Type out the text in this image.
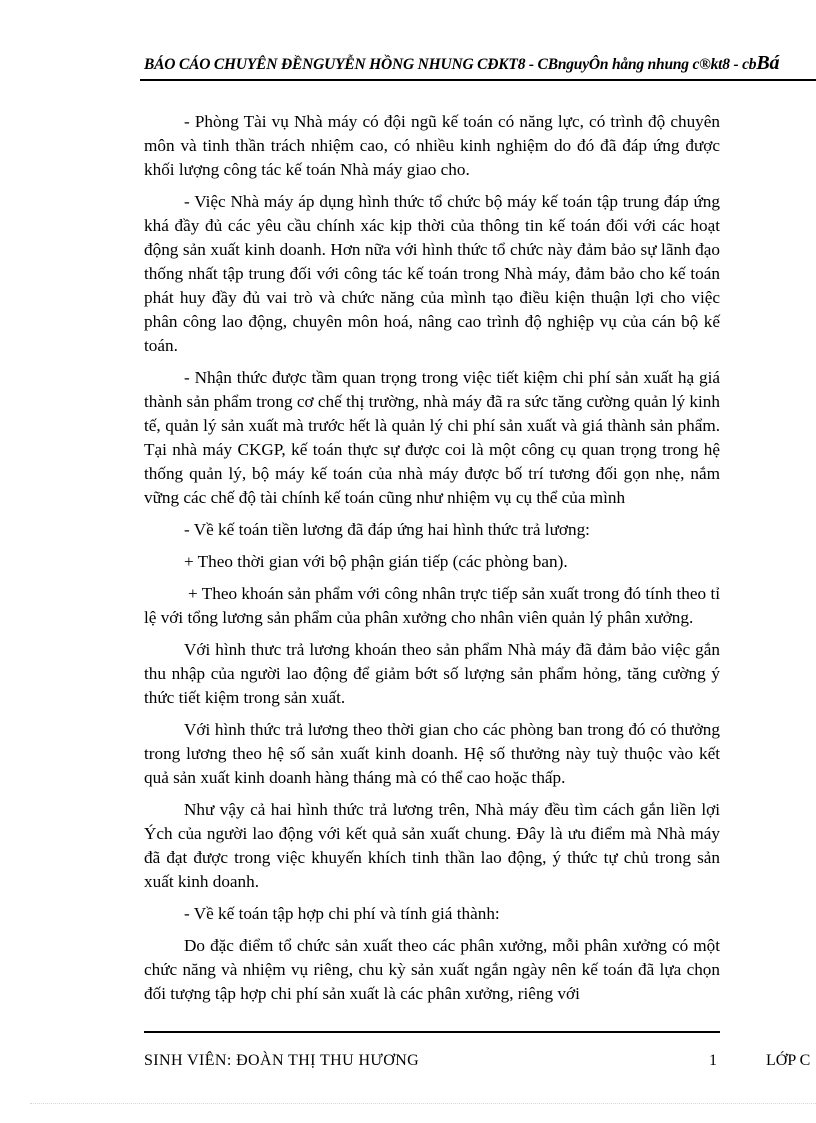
BÁO CÁO CHUYÊN ĐỀNGUYỄN HỒNG NHUNG CĐKT8 - CBnguyÔn hång nhung c®kt8 - cbBá

- Phòng Tài vụ Nhà máy có đội ngũ kế toán có năng lực, có trình độ chuyên môn và tinh thần trách nhiệm cao, có nhiều kinh nghiệm do đó đã đáp ứng được khối lượng công tác kế toán Nhà máy giao cho.

- Việc Nhà máy áp dụng hình thức tổ chức bộ máy kế toán tập trung đáp ứng khá đầy đủ các yêu cầu chính xác kịp thời của thông tin kế toán đối với các hoạt động sản xuất kinh doanh. Hơn nữa với hình thức tổ chức này đảm bảo sự lãnh đạo thống nhất tập trung đối với công tác kế toán trong Nhà máy, đảm bảo cho kế toán phát huy đầy đủ vai trò và chức năng của mình tạo điều kiện thuận lợi cho việc phân công lao động, chuyên môn hoá, nâng cao trình độ nghiệp vụ của cán bộ kế toán.

- Nhận thức được tầm quan trọng trong việc tiết kiệm chi phí sản xuất hạ giá thành sản phẩm trong cơ chế thị trường, nhà máy đã ra sức tăng cường quản lý kinh tế, quản lý sản xuất mà trước hết là quản lý chi phí sản xuất và giá thành sản phẩm. Tại nhà máy CKGP, kế toán thực sự được coi là một công cụ quan trọng trong hệ thống quản lý, bộ máy kế toán của nhà máy được bố trí tương đối gọn nhẹ, nắm vững các chế độ tài chính kế toán cũng như nhiệm vụ cụ thể của mình

- Về kế toán tiền lương đã đáp ứng hai hình thức trả lương:

+ Theo thời gian với bộ phận gián tiếp (các phòng ban).

+ Theo khoán sản phẩm với công nhân trực tiếp sản xuất trong đó tính theo tỉ lệ với tổng lương sản phẩm của phân xưởng cho nhân viên quản lý phân xưởng.

Với hình thưc trả lương khoán theo sản phẩm Nhà máy đã đảm bảo việc gắn thu nhập của người lao động để giảm bớt số lượng sản phẩm hỏng, tăng cường ý thức tiết kiệm trong sản xuất.

Với hình thức trả lương theo thời gian cho các phòng ban trong đó có thưởng trong lương theo hệ số sản xuất kinh doanh. Hệ số thưởng này tuỳ thuộc vào kết quả sản xuất kinh doanh hàng tháng mà có thể cao hoặc thấp.

Như vậy cả hai hình thức trả lương trên, Nhà máy đều tìm cách gắn liền lợi Ých của người lao động với kết quả sản xuất chung. Đây là ưu điểm mà Nhà máy đã đạt được trong việc khuyến khích tinh thần lao động, ý thức tự chủ trong sản xuất kinh doanh.

- Về kế toán tập hợp chi phí và tính giá thành:

Do đặc điểm tổ chức sản xuất theo các phân xưởng, mỗi phân xưởng có một chức năng và nhiệm vụ riêng, chu kỳ sản xuất ngắn ngày nên kế toán đã lựa chọn đối tượng tập hợp chi phí sản xuất là các phân xưởng, riêng với

SINH VIÊN: ĐOÀN THỊ THU HƯƠNG	1	LỚP C
